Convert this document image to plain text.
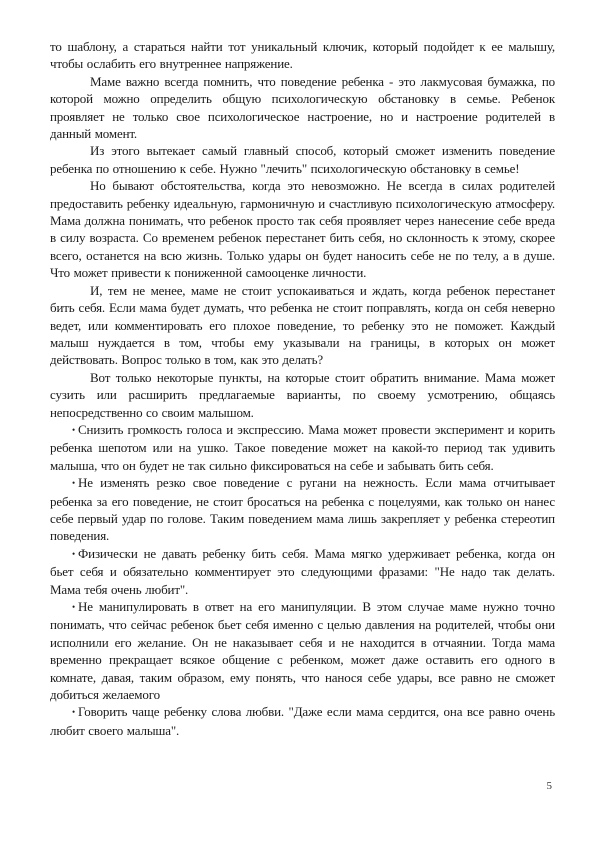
то шаблону, а стараться найти тот уникальный ключик, который подойдет к ее малышу, чтобы ослабить его внутреннее напряжение.

Маме важно всегда помнить, что поведение ребенка - это лакмусовая бумажка, по которой можно определить общую психологическую обстановку в семье. Ребенок проявляет не только свое психологическое настроение, но и настроение родителей в данный момент.

Из этого вытекает самый главный способ, который сможет изменить поведение ребенка по отношению к себе. Нужно "лечить" психологическую обстановку в семье!

Но бывают обстоятельства, когда это невозможно. Не всегда в силах родителей предоставить ребенку идеальную, гармоничную и счастливую психологическую атмосферу. Мама должна понимать, что ребенок просто так себя проявляет через нанесение себе вреда в силу возраста. Со временем ребенок перестанет бить себя, но склонность к этому, скорее всего, останется на всю жизнь. Только удары он будет наносить себе не по телу, а в душе. Что может привести к пониженной самооценке личности.

И, тем не менее, маме не стоит успокаиваться и ждать, когда ребенок перестанет бить себя. Если мама будет думать, что ребенка не стоит поправлять, когда он себя неверно ведет, или комментировать его плохое поведение, то ребенку это не поможет. Каждый малыш нуждается в том, чтобы ему указывали на границы, в которых он может действовать. Вопрос только в том, как это делать?

Вот только некоторые пункты, на которые стоит обратить внимание. Мама может сузить или расширить предлагаемые варианты, по своему усмотрению, общаясь непосредственно со своим малышом.

• Снизить громкость голоса и экспрессию. Мама может провести эксперимент и корить ребенка шепотом или на ушко. Такое поведение может на какой-то период так удивить малыша, что он будет не так сильно фиксироваться на себе и забывать бить себя.

• Не изменять резко свое поведение с ругани на нежность. Если мама отчитывает ребенка за его поведение, не стоит бросаться на ребенка с поцелуями, как только он нанес себе первый удар по голове. Таким поведением мама лишь закрепляет у ребенка стереотип поведения.

• Физически не давать ребенку бить себя. Мама мягко удерживает ребенка, когда он бьет себя и обязательно комментирует это следующими фразами: "Не надо так делать. Мама тебя очень любит".

• Не манипулировать в ответ на его манипуляции. В этом случае маме нужно точно понимать, что сейчас ребенок бьет себя именно с целью давления на родителей, чтобы они исполнили его желание. Он не наказывает себя и не находится в отчаянии. Тогда мама временно прекращает всякое общение с ребенком, может даже оставить его одного в комнате, давая, таким образом, ему понять, что нанося себе удары, все равно не сможет добиться желаемого

• Говорить чаще ребенку слова любви. "Даже если мама сердится, она все равно очень любит своего малыша".

5
